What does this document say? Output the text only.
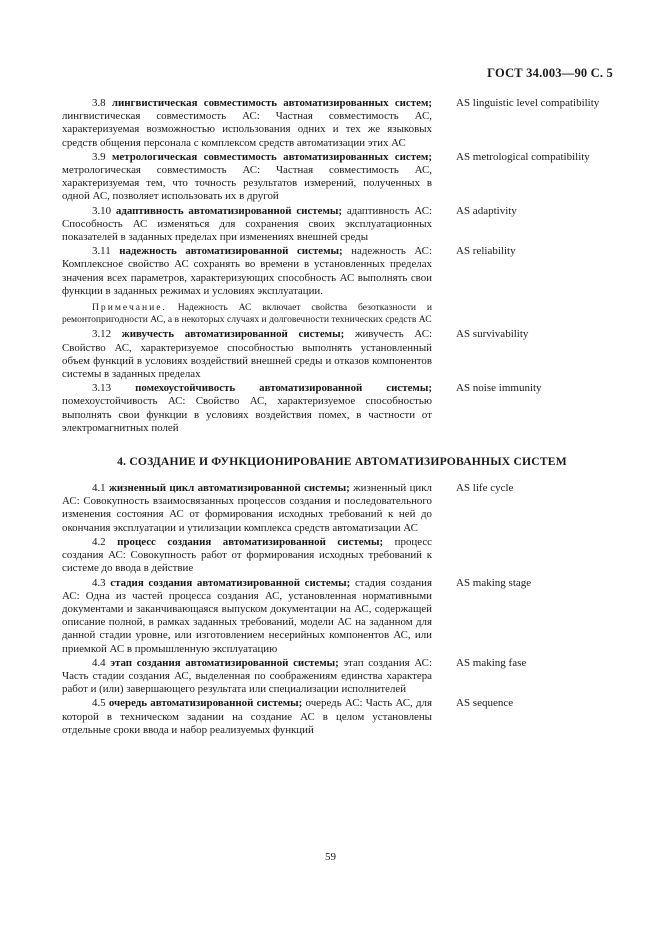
ГОСТ 34.003—90 С. 5

3.8 лингвистическая совместимость автоматизированных систем; лингвистическая совместимость АС: Частная совместимость АС, характеризуемая возможностью использования одних и тех же языковых средств общения персонала с комплексом средств автоматизации этих АС

AS linguistic level compatibility

3.9 метрологическая совместимость автоматизированных систем; метрологическая совместимость АС: Частная совместимость АС, характеризуемая тем, что точность результатов измерений, полученных в одной АС, позволяет использовать их в другой

AS metrological compatibility

3.10 адаптивность автоматизированной системы; адаптивность АС: Способность АС изменяться для сохранения своих эксплуатационных показателей в заданных пределах при изменениях внешней среды

AS adaptivity

3.11 надежность автоматизированной системы; надежность АС: Комплексное свойство АС сохранять во времени в установленных пределах значения всех параметров, характеризующих способность АС выполнять свои функции в заданных режимах и условиях эксплуатации.

AS reliability
Примечание. Надежность АС включает свойства безотказности и ремонтопригодности АС, а в некоторых случаях и долговечности технических средств АС

3.12 живучесть автоматизированной системы; живучесть АС: Свойство АС, характеризуемое способностью выполнять установленный объем функций в условиях воздействий внешней среды и отказов компонентов системы в заданных пределах

AS survivability

3.13 помехоустойчивость автоматизированной системы; помехоустойчивость АС: Свойство АС, характеризуемое способностью выполнять свои функции в условиях воздействия помех, в частности от электромагнитных полей

AS noise immunity
4. СОЗДАНИЕ И ФУНКЦИОНИРОВАНИЕ АВТОМАТИЗИРОВАННЫХ СИСТЕМ

4.1 жизненный цикл автоматизированной системы; жизненный цикл АС: Совокупность взаимосвязанных процессов создания и последовательного изменения состояния АС от формирования исходных требований к ней до окончания эксплуатации и утилизации комплекса средств автоматизации АС

AS life cycle

4.2 процесс создания автоматизированной системы; процесс создания АС: Совокупность работ от формирования исходных требований к системе до ввода в действие

4.3 стадия создания автоматизированной системы; стадия создания АС: Одна из частей процесса создания АС, установленная нормативными документами и заканчивающаяся выпуском документации на АС, содержащей описание полной, в рамках заданных требований, модели АС на заданном для данной стадии уровне, или изготовлением несерийных компонентов АС, или приемкой АС в промышленную эксплуатацию

AS making stage

4.4 этап создания автоматизированной системы; этап создания АС: Часть стадии создания АС, выделенная по соображениям единства характера работ и (или) завершающего результата или специализации исполнителей

AS making fase

4.5 очередь автоматизированной системы; очередь АС: Часть АС, для которой в техническом задании на создание АС в целом установлены отдельные сроки ввода и набор реализуемых функций

AS sequence
59
